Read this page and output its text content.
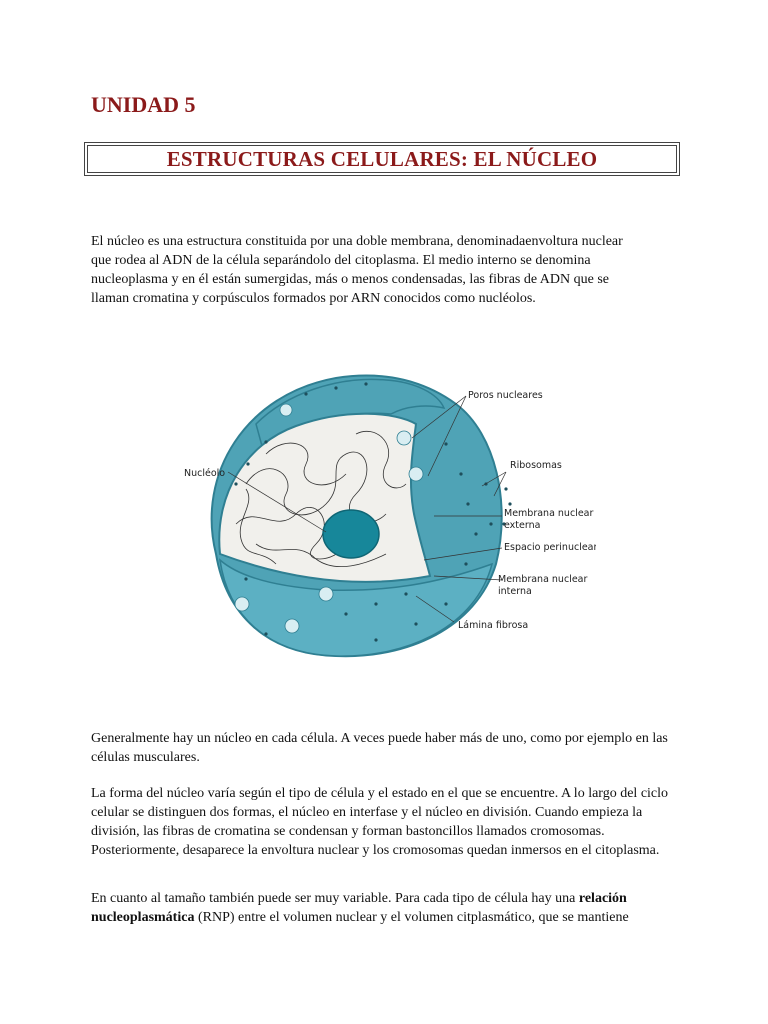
UNIDAD 5
ESTRUCTURAS CELULARES: EL NÚCLEO

El núcleo es una estructura constituida por una doble membrana, denominadaenvoltura nuclear que rodea al ADN de la célula separándolo del citoplasma. El medio interno se denomina nucleoplasma y en él están sumergidas, más o menos condensadas, las fibras de ADN que se llaman cromatina y corpúsculos formados por ARN conocidos como nucléolos.

Poros nucleares
Ribosomas
Nucléolo
Membrana nuclear
externa
Espacio perinuclear
Membrana nuclear
interna
Lámina fibrosa

Generalmente hay un núcleo en cada célula. A veces puede haber más de uno, como por ejemplo en las células musculares.

La forma del núcleo varía según el tipo de célula y el estado en el que se encuentre. A lo largo del ciclo celular se distinguen dos formas, el núcleo en interfase y el núcleo en división. Cuando empieza la división, las fibras de cromatina se condensan y forman bastoncillos llamados cromosomas. Posteriormente, desaparece la envoltura nuclear y los cromosomas quedan inmersos en el citoplasma.

En cuanto al tamaño también puede ser muy variable. Para cada tipo de célula hay una relación nucleoplasmática (RNP) entre el volumen nuclear y el volumen citplasmático, que se mantiene
